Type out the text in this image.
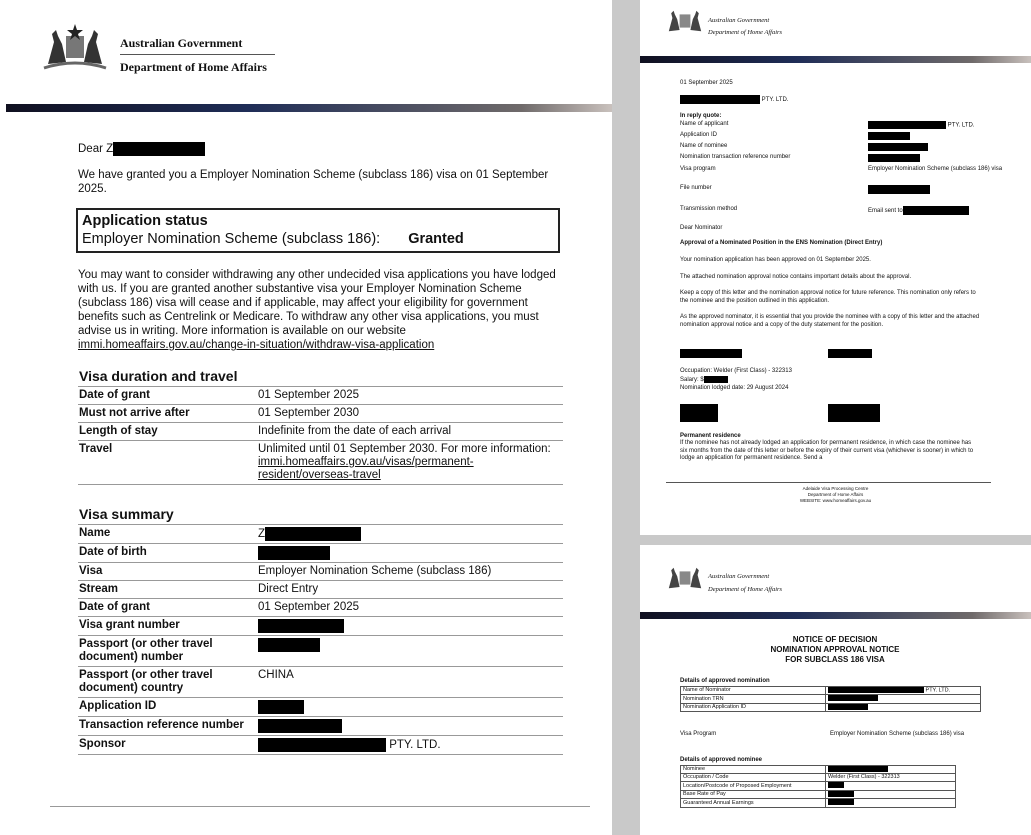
Australian Government
Department of Home Affairs
Dear Z
We have granted you a Employer Nomination Scheme (subclass 186) visa on 01 September 2025.
Application status
Employer Nomination Scheme (subclass 186): Granted
You may want to consider withdrawing any other undecided visa applications you have lodged with us. If you are granted another substantive visa your Employer Nomination Scheme (subclass 186) visa will cease and if applicable, may affect your eligibility for government benefits such as Centrelink or Medicare. To withdraw any other visa applications, you must advise us in writing. More information is available on our website immi.homeaffairs.gov.au/change-in-situation/withdraw-visa-application
Visa duration and travel
Date of grant	01 September 2025
Must not arrive after	01 September 2030
Length of stay	Indefinite from the date of each arrival
Travel	Unlimited until 01 September 2030. For more information:
immi.homeaffairs.gov.au/visas/permanent-resident/overseas-travel
Visa summary
Name	Z
Date of birth	
Visa	Employer Nomination Scheme (subclass 186)
Stream	Direct Entry
Date of grant	01 September 2025
Visa grant number	
Passport (or other travel document) number	
Passport (or other travel document) country	CHINA
Application ID	
Transaction reference number	
Sponsor	PTY. LTD.
Australian Government
Department of Home Affairs
01 September 2025
PTY. LTD.
In reply quote:
Name of applicant	PTY. LTD.
Application ID
Name of nominee
Nomination transaction reference number
Visa program	Employer Nomination Scheme (subclass 186) visa
File number
Transmission method	Email sent to
Dear Nominator
Approval of a Nominated Position in the ENS Nomination (Direct Entry)
Your nomination application has been approved on 01 September 2025.
The attached nomination approval notice contains important details about the approval.
Keep a copy of this letter and the nomination approval notice for future reference. This nomination only refers to the nominee and the position outlined in this application.
As the approved nominator, it is essential that you provide the nominee with a copy of this letter and the attached nomination approval notice and a copy of the duty statement for the position.
Occupation: Welder (First Class) - 322313
Salary: $
Nomination lodged date: 29 August 2024
Permanent residence
If the nominee has not already lodged an application for permanent residence, in which case the nominee has six months from the date of this letter or before the expiry of their current visa (whichever is sooner) in which to lodge an application for permanent residence. Send a
Adelaide Visa Processing Centre
Department of Home Affairs
WEBSITE: www.homeaffairs.gov.au
Australian Government
Department of Home Affairs
NOTICE OF DECISION
NOMINATION APPROVAL NOTICE
FOR SUBCLASS 186 VISA
Details of approved nomination
Name of Nominator	PTY. LTD.
Nomination TRN	
Nomination Application ID	
Visa Program	Employer Nomination Scheme (subclass 186) visa
Details of approved nominee
Nominee	
Occupation / Code	Welder (First Class) - 322313
Location/Postcode of Proposed Employment	
Base Rate of Pay	
Guaranteed Annual Earnings	
